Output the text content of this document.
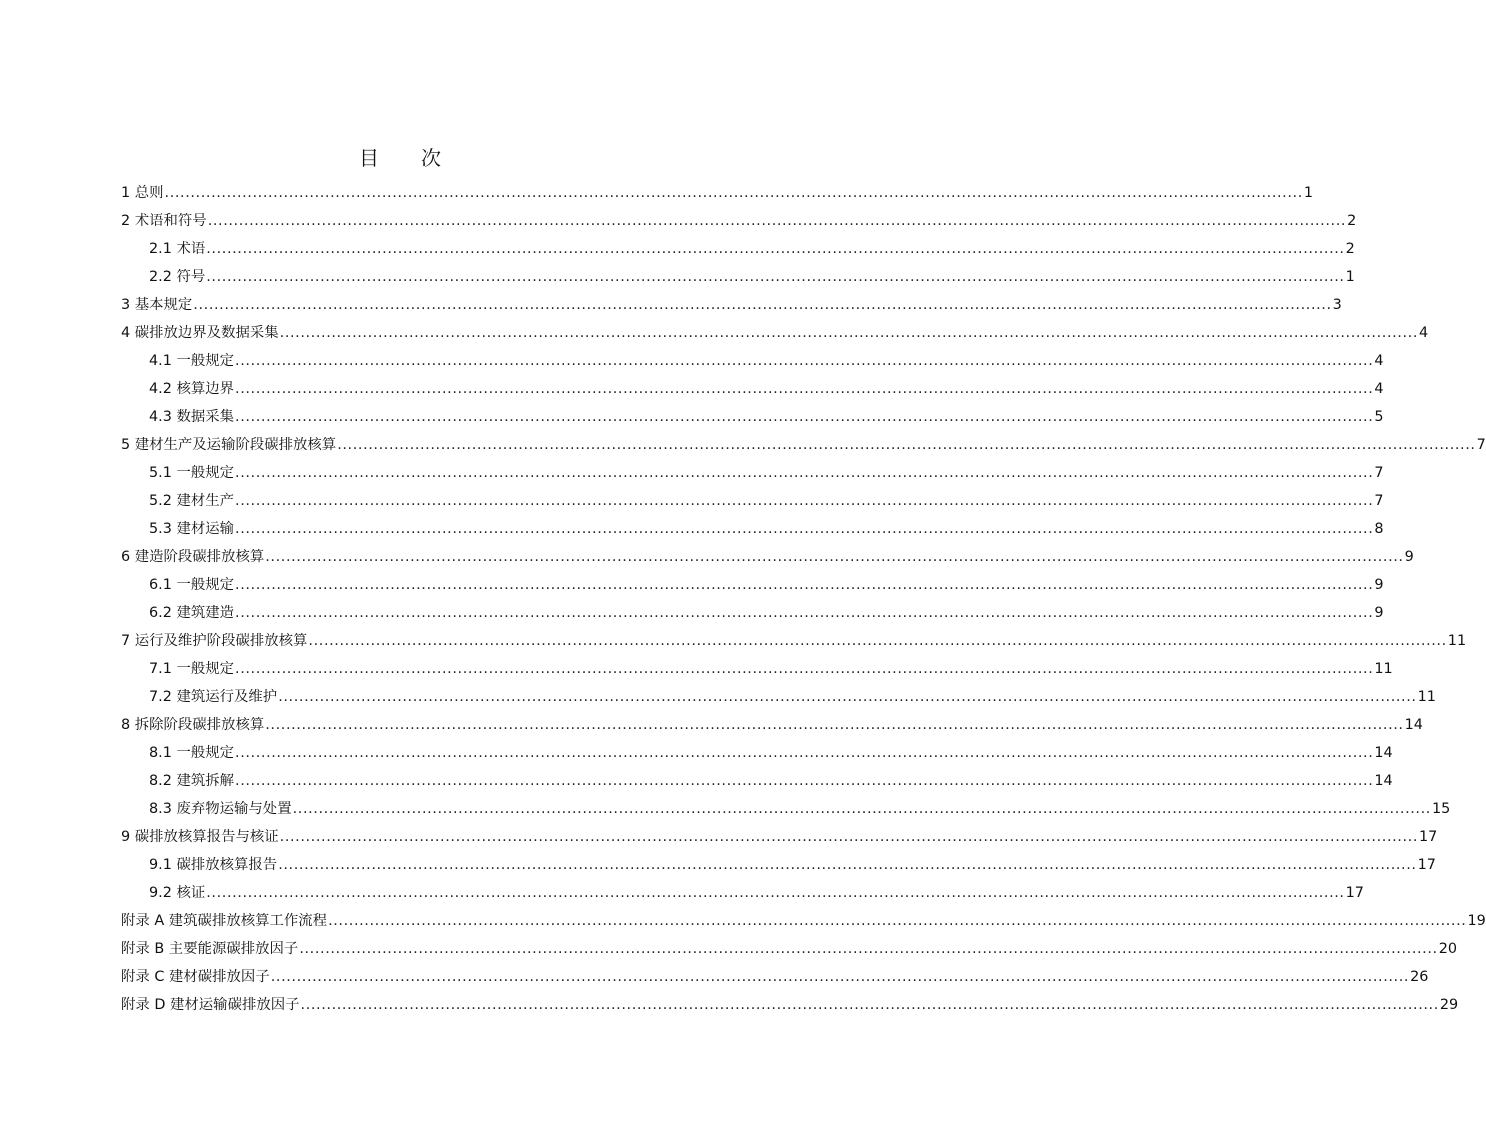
目 次
1 总则 ............................................................................................................................................................................................................................ 1
2 术语和符号 ............................................................................................................................................................................................................................ 2
2.1 术语 ............................................................................................................................................................................................................................ 2
2.2 符号 ............................................................................................................................................................................................................................ 1
3 基本规定 ............................................................................................................................................................................................................................ 3
4 碳排放边界及数据采集 ............................................................................................................................................................................................................................ 4
4.1 一般规定 ............................................................................................................................................................................................................................ 4
4.2 核算边界 ............................................................................................................................................................................................................................ 4
4.3 数据采集 ............................................................................................................................................................................................................................ 5
5 建材生产及运输阶段碳排放核算 ............................................................................................................................................................................................................................ 7
5.1 一般规定 ............................................................................................................................................................................................................................ 7
5.2 建材生产 ............................................................................................................................................................................................................................ 7
5.3 建材运输 ............................................................................................................................................................................................................................ 8
6 建造阶段碳排放核算 ............................................................................................................................................................................................................................ 9
6.1 一般规定 ............................................................................................................................................................................................................................ 9
6.2 建筑建造 ............................................................................................................................................................................................................................ 9
7 运行及维护阶段碳排放核算 ............................................................................................................................................................................................................................ 11
7.1 一般规定 ............................................................................................................................................................................................................................ 11
7.2 建筑运行及维护 ............................................................................................................................................................................................................................ 11
8 拆除阶段碳排放核算 ............................................................................................................................................................................................................................ 14
8.1 一般规定 ............................................................................................................................................................................................................................ 14
8.2 建筑拆解 ............................................................................................................................................................................................................................ 14
8.3 废弃物运输与处置 ............................................................................................................................................................................................................................ 15
9 碳排放核算报告与核证 ............................................................................................................................................................................................................................ 17
9.1 碳排放核算报告 ............................................................................................................................................................................................................................ 17
9.2 核证 ............................................................................................................................................................................................................................ 17
附录 A 建筑碳排放核算工作流程 ............................................................................................................................................................................................................................ 19
附录 B 主要能源碳排放因子 ............................................................................................................................................................................................................................ 20
附录 C 建材碳排放因子 ............................................................................................................................................................................................................................ 26
附录 D 建材运输碳排放因子 ............................................................................................................................................................................................................................ 29
